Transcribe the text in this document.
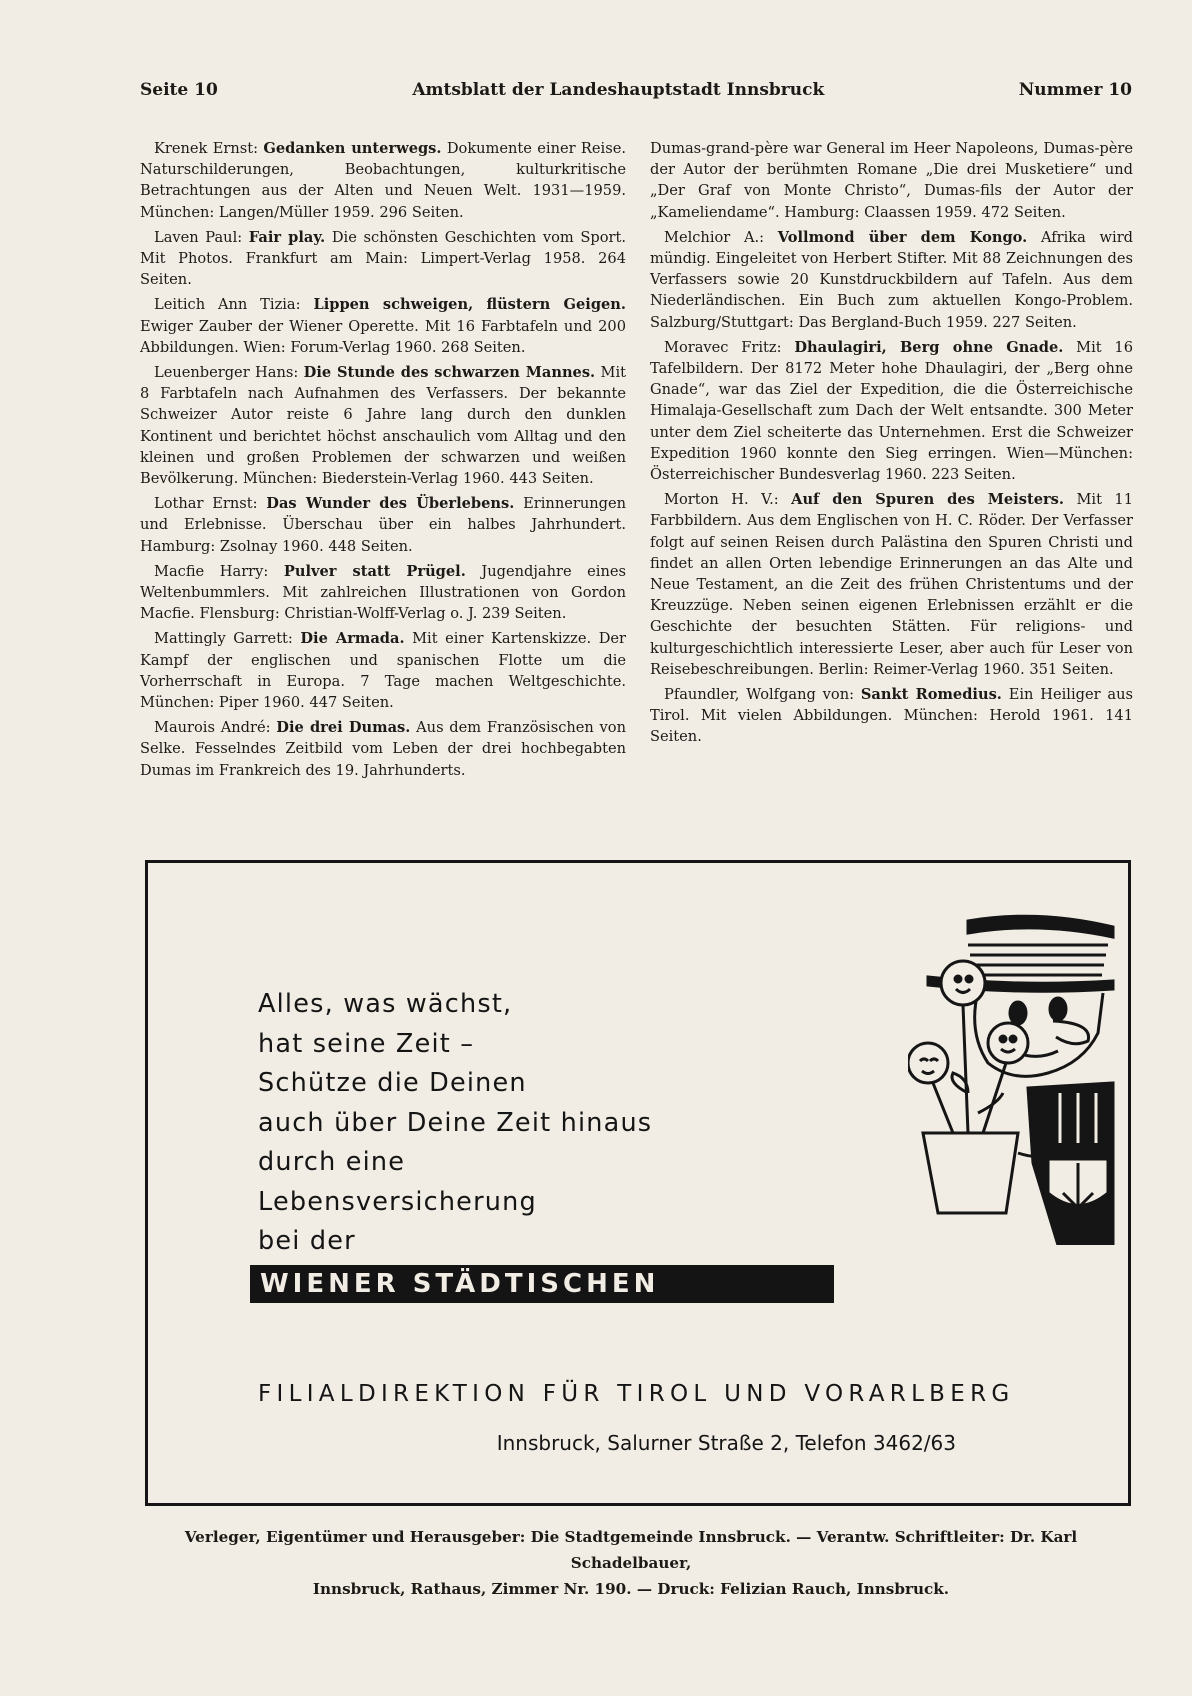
Seite 10	Amtsblatt der Landeshauptstadt Innsbruck	Nummer 10

Krenek Ernst: Gedanken unterwegs. Dokumente einer Reise. Naturschilderungen, Beobachtungen, kulturkritische Betrachtungen aus der Alten und Neuen Welt. 1931—1959. München: Langen/Müller 1959. 296 Seiten.

Laven Paul: Fair play. Die schönsten Geschichten vom Sport. Mit Photos. Frankfurt am Main: Limpert-Verlag 1958. 264 Seiten.

Leitich Ann Tizia: Lippen schweigen, flüstern Geigen. Ewiger Zauber der Wiener Operette. Mit 16 Farbtafeln und 200 Abbildungen. Wien: Forum-Verlag 1960. 268 Seiten.

Leuenberger Hans: Die Stunde des schwarzen Mannes. Mit 8 Farbtafeln nach Aufnahmen des Verfassers. Der bekannte Schweizer Autor reiste 6 Jahre lang durch den dunklen Kontinent und berichtet höchst anschaulich vom Alltag und den kleinen und großen Problemen der schwarzen und weißen Bevölkerung. München: Biederstein-Verlag 1960. 443 Seiten.

Lothar Ernst: Das Wunder des Überlebens. Erinnerungen und Erlebnisse. Überschau über ein halbes Jahrhundert. Hamburg: Zsolnay 1960. 448 Seiten.

Macfie Harry: Pulver statt Prügel. Jugendjahre eines Weltenbummlers. Mit zahlreichen Illustrationen von Gordon Macfie. Flensburg: Christian-Wolff-Verlag o. J. 239 Seiten.

Mattingly Garrett: Die Armada. Mit einer Kartenskizze. Der Kampf der englischen und spanischen Flotte um die Vorherrschaft in Europa. 7 Tage machen Weltgeschichte. München: Piper 1960. 447 Seiten.

Maurois André: Die drei Dumas. Aus dem Französischen von Selke. Fesselndes Zeitbild vom Leben der drei hochbegabten Dumas im Frankreich des 19. Jahrhunderts.

Dumas-grand-père war General im Heer Napoleons, Dumas-père der Autor der berühmten Romane „Die drei Musketiere“ und „Der Graf von Monte Christo“, Dumas-fils der Autor der „Kameliendame“. Hamburg: Claassen 1959. 472 Seiten.

Melchior A.: Vollmond über dem Kongo. Afrika wird mündig. Eingeleitet von Herbert Stifter. Mit 88 Zeichnungen des Verfassers sowie 20 Kunstdruckbildern auf Tafeln. Aus dem Niederländischen. Ein Buch zum aktuellen Kongo-Problem. Salzburg/Stuttgart: Das Bergland-Buch 1959. 227 Seiten.

Moravec Fritz: Dhaulagiri, Berg ohne Gnade. Mit 16 Tafelbildern. Der 8172 Meter hohe Dhaulagiri, der „Berg ohne Gnade“, war das Ziel der Expedition, die die Österreichische Himalaja-Gesellschaft zum Dach der Welt entsandte. 300 Meter unter dem Ziel scheiterte das Unternehmen. Erst die Schweizer Expedition 1960 konnte den Sieg erringen. Wien—München: Österreichischer Bundesverlag 1960. 223 Seiten.

Morton H. V.: Auf den Spuren des Meisters. Mit 11 Farbbildern. Aus dem Englischen von H. C. Röder. Der Verfasser folgt auf seinen Reisen durch Palästina den Spuren Christi und findet an allen Orten lebendige Erinnerungen an das Alte und Neue Testament, an die Zeit des frühen Christentums und der Kreuzzüge. Neben seinen eigenen Erlebnissen erzählt er die Geschichte der besuchten Stätten. Für religions- und kulturgeschichtlich interessierte Leser, aber auch für Leser von Reisebeschreibungen. Berlin: Reimer-Verlag 1960. 351 Seiten.

Pfaundler, Wolfgang von: Sankt Romedius. Ein Heiliger aus Tirol. Mit vielen Abbildungen. München: Herold 1961. 141 Seiten.

Alles, was wächst,
hat seine Zeit –
Schütze die Deinen
auch über Deine Zeit hinaus
durch eine
Lebensversicherung
bei der
WIENER STÄDTISCHEN
FILIALDIREKTION FÜR TIROL UND VORARLBERG
Innsbruck, Salurner Straße 2, Telefon 3462/63
Verleger, Eigentümer und Herausgeber: Die Stadtgemeinde Innsbruck. — Verantw. Schriftleiter: Dr. Karl Schadelbauer,
Innsbruck, Rathaus, Zimmer Nr. 190. — Druck: Felizian Rauch, Innsbruck.
